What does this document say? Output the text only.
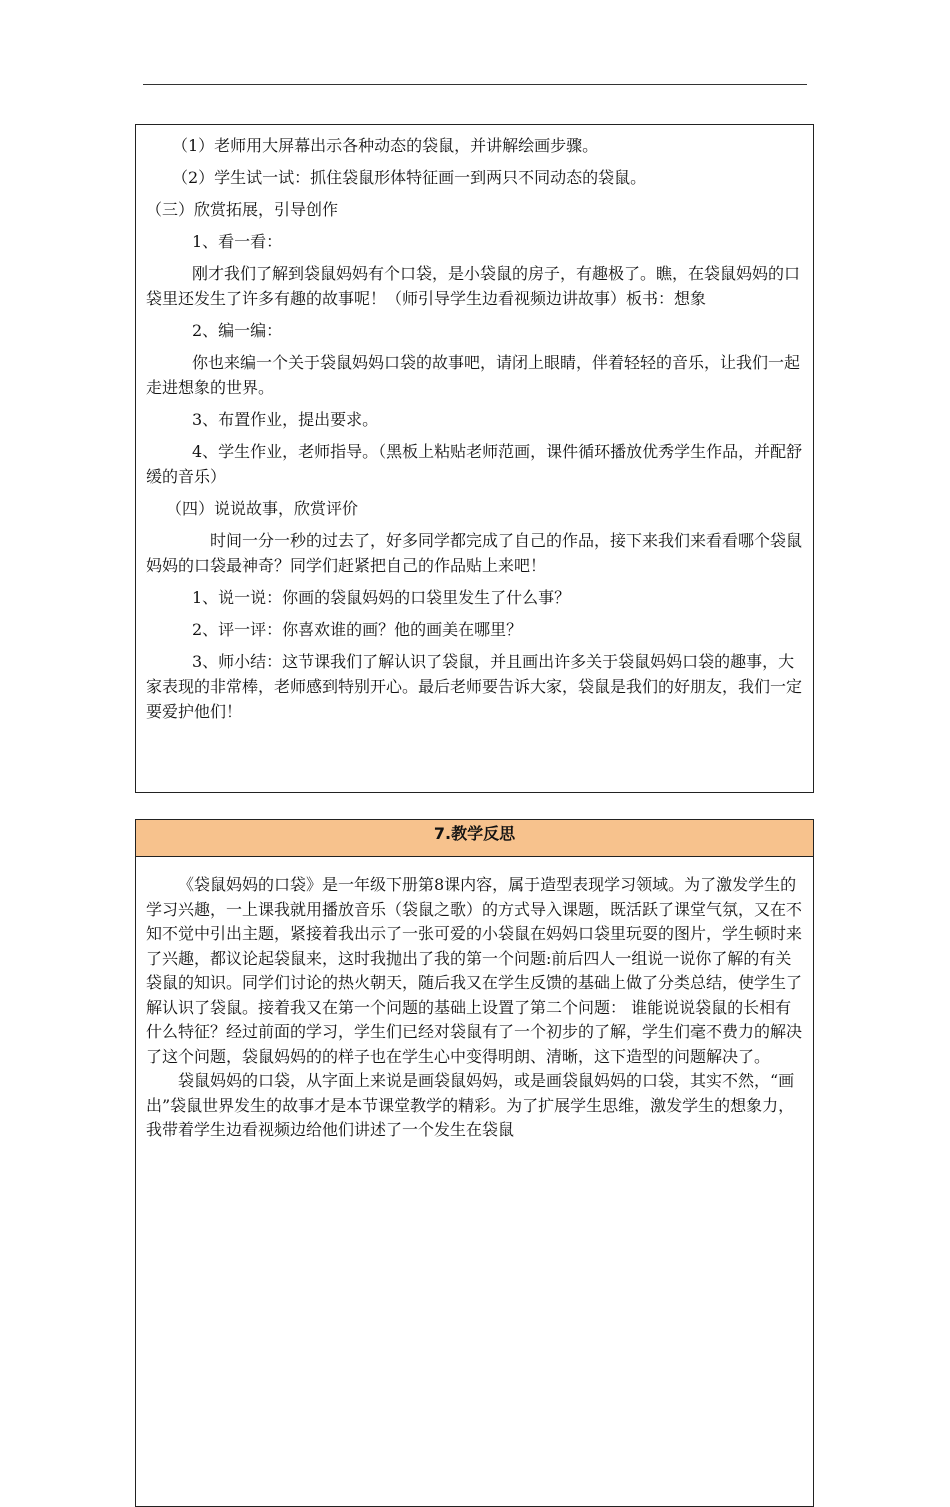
（1）老师用大屏幕出示各种动态的袋鼠，并讲解绘画步骤。

（2）学生试一试：抓住袋鼠形体特征画一到两只不同动态的袋鼠。

（三）欣赏拓展，引导创作

1、看一看：

刚才我们了解到袋鼠妈妈有个口袋，是小袋鼠的房子，有趣极了。瞧，在袋鼠妈妈的口袋里还发生了许多有趣的故事呢！（师引导学生边看视频边讲故事）板书：想象

2、编一编：

你也来编一个关于袋鼠妈妈口袋的故事吧，请闭上眼睛，伴着轻轻的音乐，让我们一起走进想象的世界。

3、布置作业，提出要求。

4、学生作业，老师指导。（黑板上粘贴老师范画，课件循环播放优秀学生作品，并配舒缓的音乐）

（四）说说故事，欣赏评价

时间一分一秒的过去了，好多同学都完成了自己的作品，接下来我们来看看哪个袋鼠妈妈的口袋最神奇？同学们赶紧把自己的作品贴上来吧！

1、说一说：你画的袋鼠妈妈的口袋里发生了什么事？

2、评一评：你喜欢谁的画？他的画美在哪里？

3、师小结：这节课我们了解认识了袋鼠，并且画出许多关于袋鼠妈妈口袋的趣事，大家表现的非常棒，老师感到特别开心。最后老师要告诉大家，袋鼠是我们的好朋友，我们一定要爱护他们！

7.教学反思

《袋鼠妈妈的口袋》是一年级下册第8课内容，属于造型表现学习领域。为了激发学生的学习兴趣，一上课我就用播放音乐（袋鼠之歌）的方式导入课题，既活跃了课堂气氛，又在不知不觉中引出主题，紧接着我出示了一张可爱的小袋鼠在妈妈口袋里玩耍的图片，学生顿时来了兴趣，都议论起袋鼠来，这时我抛出了我的第一个问题:前后四人一组说一说你了解的有关袋鼠的知识。同学们讨论的热火朝天，随后我又在学生反馈的基础上做了分类总结，使学生了解认识了袋鼠。接着我又在第一个问题的基础上设置了第二个问题： 谁能说说袋鼠的长相有什么特征？经过前面的学习，学生们已经对袋鼠有了一个初步的了解，学生们毫不费力的解决了这个问题，袋鼠妈妈的的样子也在学生心中变得明朗、清晰，这下造型的问题解决了。

袋鼠妈妈的口袋，从字面上来说是画袋鼠妈妈，或是画袋鼠妈妈的口袋，其实不然，“画出”袋鼠世界发生的故事才是本节课堂教学的精彩。为了扩展学生思维，激发学生的想象力，我带着学生边看视频边给他们讲述了一个发生在袋鼠
